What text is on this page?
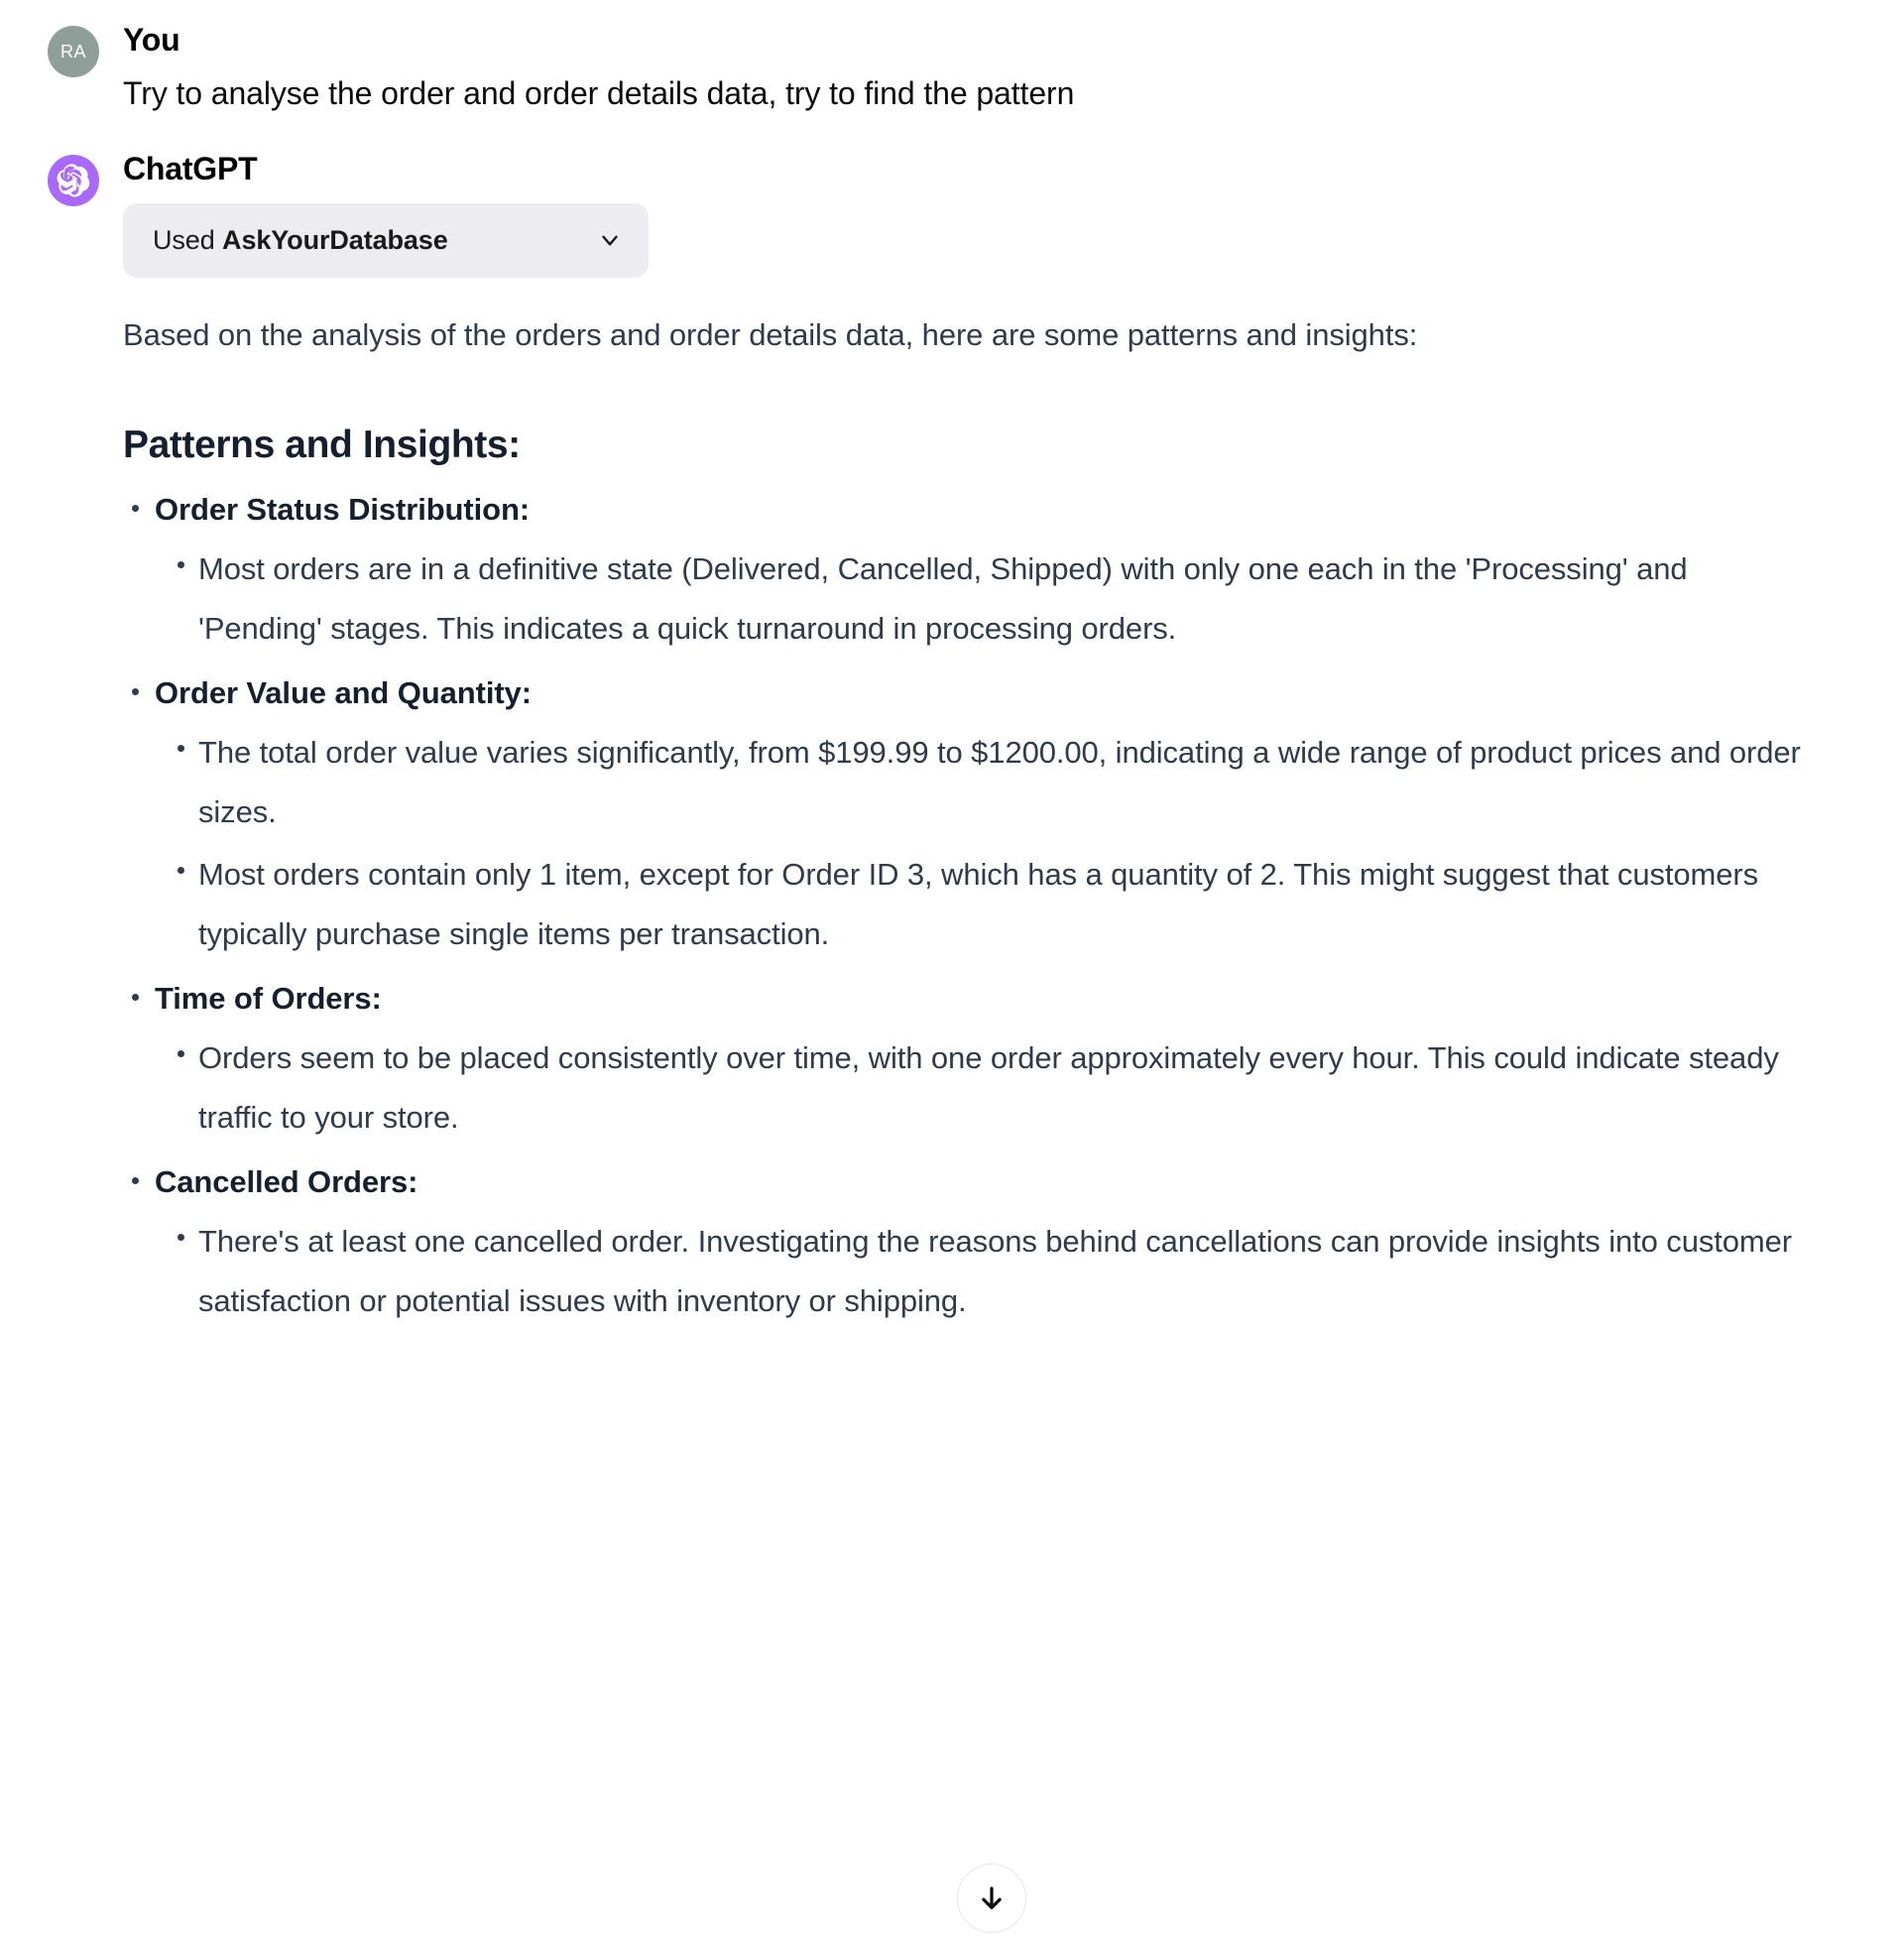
RA	You

Try to analyse the order and order details data, try to find the pattern

ChatGPT
Used AskYourDatabase

Based on the analysis of the orders and order details data, here are some patterns and insights:

Patterns and Insights:
Order Status Distribution:
Most orders are in a definitive state (Delivered, Cancelled, Shipped) with only one each in the 'Processing' and 'Pending' stages. This indicates a quick turnaround in processing orders.
Order Value and Quantity:
The total order value varies significantly, from $199.99 to $1200.00, indicating a wide range of product prices and order sizes.
Most orders contain only 1 item, except for Order ID 3, which has a quantity of 2. This might suggest that customers typically purchase single items per transaction.
Time of Orders:
Orders seem to be placed consistently over time, with one order approximately every hour. This could indicate steady traffic to your store.
Cancelled Orders:
There's at least one cancelled order. Investigating the reasons behind cancellations can provide insights into customer satisfaction or potential issues with inventory or shipping.
